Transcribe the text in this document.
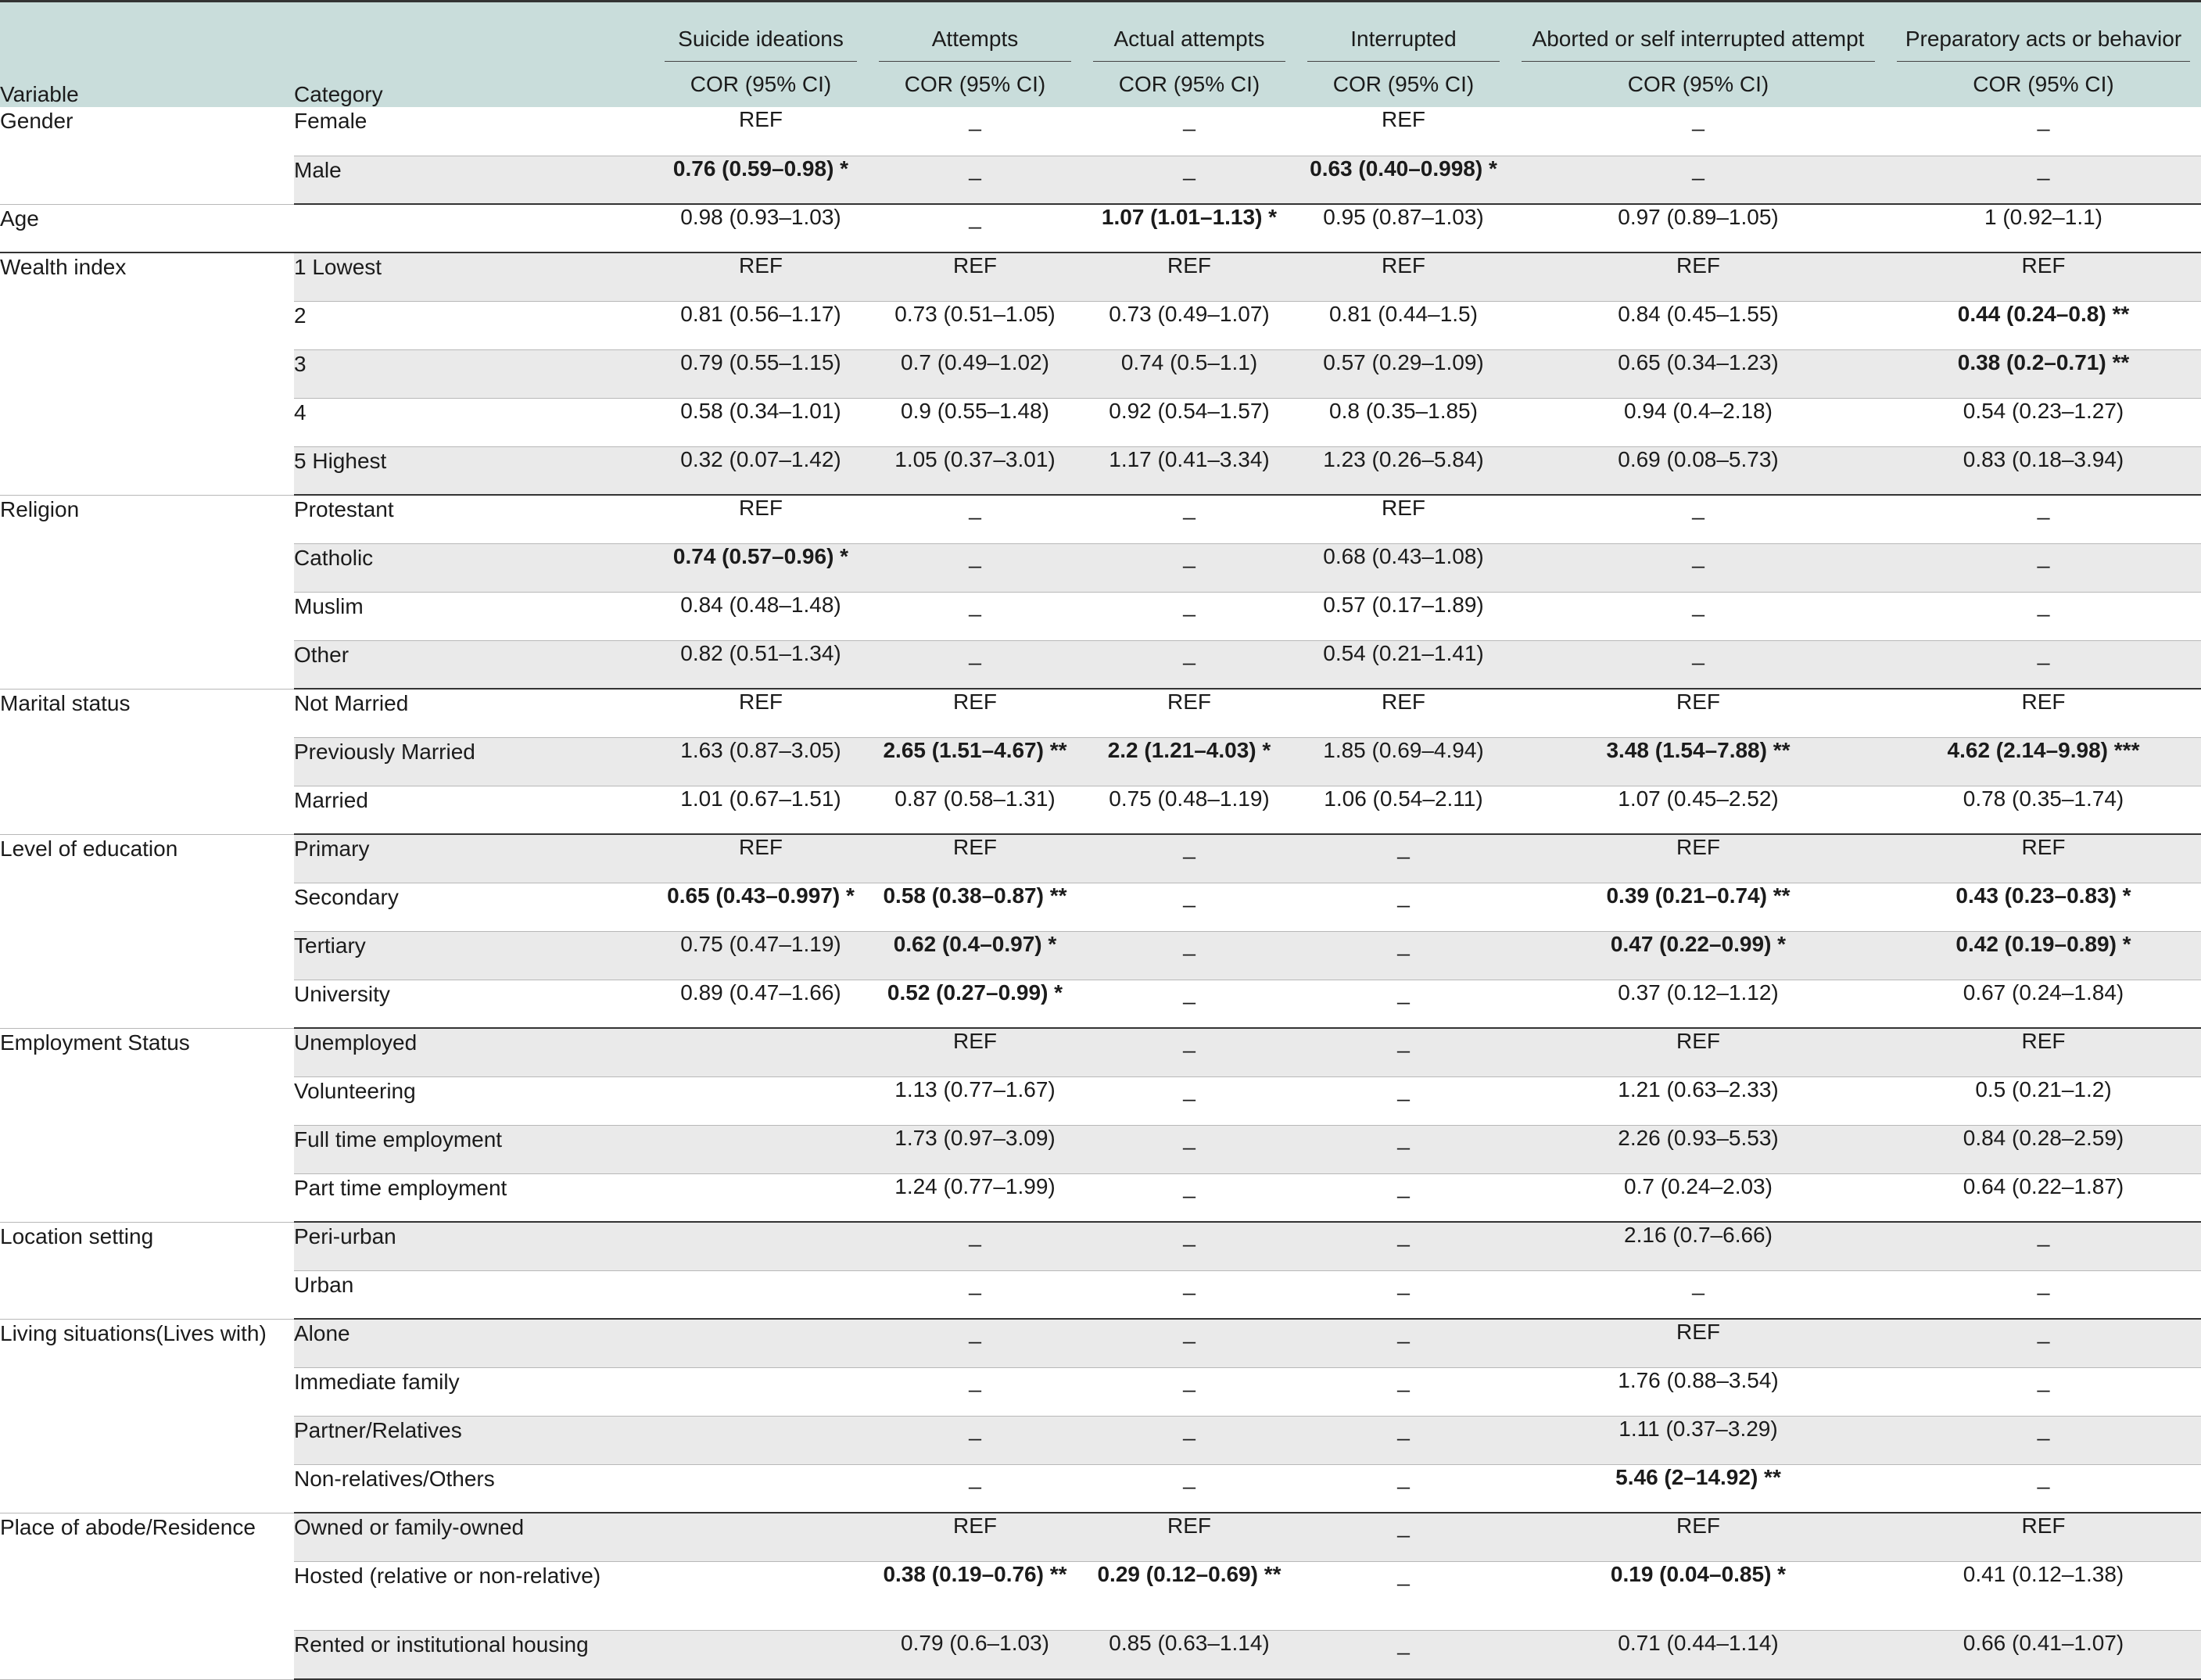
Variable	Category	Suicide ideations	Attempts	Actual attempts	Interrupted	Aborted or self interrupted attempt	Preparatory acts or behavior

		COR (95% CI)	COR (95% CI)	COR (95% CI)	COR (95% CI)	COR (95% CI)	COR (95% CI)
Gender	Female	REF	_	_	REF	_	_
	Male	0.76 (0.59–0.98) *	_	_	0.63 (0.40–0.998) *	_	_
Age		0.98 (0.93–1.03)	_	1.07 (1.01–1.13) *	0.95 (0.87–1.03)	0.97 (0.89–1.05)	1 (0.92–1.1)
Wealth index	1 Lowest	REF	REF	REF	REF	REF	REF
	2	0.81 (0.56–1.17)	0.73 (0.51–1.05)	0.73 (0.49–1.07)	0.81 (0.44–1.5)	0.84 (0.45–1.55)	0.44 (0.24–0.8) **
	3	0.79 (0.55–1.15)	0.7 (0.49–1.02)	0.74 (0.5–1.1)	0.57 (0.29–1.09)	0.65 (0.34–1.23)	0.38 (0.2–0.71) **
	4	0.58 (0.34–1.01)	0.9 (0.55–1.48)	0.92 (0.54–1.57)	0.8 (0.35–1.85)	0.94 (0.4–2.18)	0.54 (0.23–1.27)
	5 Highest	0.32 (0.07–1.42)	1.05 (0.37–3.01)	1.17 (0.41–3.34)	1.23 (0.26–5.84)	0.69 (0.08–5.73)	0.83 (0.18–3.94)
Religion	Protestant	REF	_	_	REF	_	_
	Catholic	0.74 (0.57–0.96) *	_	_	0.68 (0.43–1.08)	_	_
	Muslim	0.84 (0.48–1.48)	_	_	0.57 (0.17–1.89)	_	_
	Other	0.82 (0.51–1.34)	_	_	0.54 (0.21–1.41)	_	_
Marital status	Not Married	REF	REF	REF	REF	REF	REF
	Previously Married	1.63 (0.87–3.05)	2.65 (1.51–4.67) **	2.2 (1.21–4.03) *	1.85 (0.69–4.94)	3.48 (1.54–7.88) **	4.62 (2.14–9.98) ***
	Married	1.01 (0.67–1.51)	0.87 (0.58–1.31)	0.75 (0.48–1.19)	1.06 (0.54–2.11)	1.07 (0.45–2.52)	0.78 (0.35–1.74)
Level of education	Primary	REF	REF	_	_	REF	REF
	Secondary	0.65 (0.43–0.997) *	0.58 (0.38–0.87) **	_	_	0.39 (0.21–0.74) **	0.43 (0.23–0.83) *
	Tertiary	0.75 (0.47–1.19)	0.62 (0.4–0.97) *	_	_	0.47 (0.22–0.99) *	0.42 (0.19–0.89) *
	University	0.89 (0.47–1.66)	0.52 (0.27–0.99) *	_	_	0.37 (0.12–1.12)	0.67 (0.24–1.84)
Employment Status	Unemployed		REF	_	_	REF	REF
	Volunteering		1.13 (0.77–1.67)	_	_	1.21 (0.63–2.33)	0.5 (0.21–1.2)
	Full time employment		1.73 (0.97–3.09)	_	_	2.26 (0.93–5.53)	0.84 (0.28–2.59)
	Part time employment		1.24 (0.77–1.99)	_	_	0.7 (0.24–2.03)	0.64 (0.22–1.87)
Location setting	Peri-urban		_	_	_	2.16 (0.7–6.66)	_
	Urban		_	_	_	_	_
Living situations(Lives with)	Alone		_	_	_	REF	_
	Immediate family		_	_	_	1.76 (0.88–3.54)	_
	Partner/Relatives		_	_	_	1.11 (0.37–3.29)	_
	Non-relatives/Others		_	_	_	5.46 (2–14.92) **	_
Place of abode/Residence	Owned or family-owned		REF	REF	_	REF	REF
	Hosted (relative or non-relative)		0.38 (0.19–0.76) **	0.29 (0.12–0.69) **	_	0.19 (0.04–0.85) *	0.41 (0.12–1.38)
	Rented or institutional housing		0.79 (0.6–1.03)	0.85 (0.63–1.14)	_	0.71 (0.44–1.14)	0.66 (0.41–1.07)
